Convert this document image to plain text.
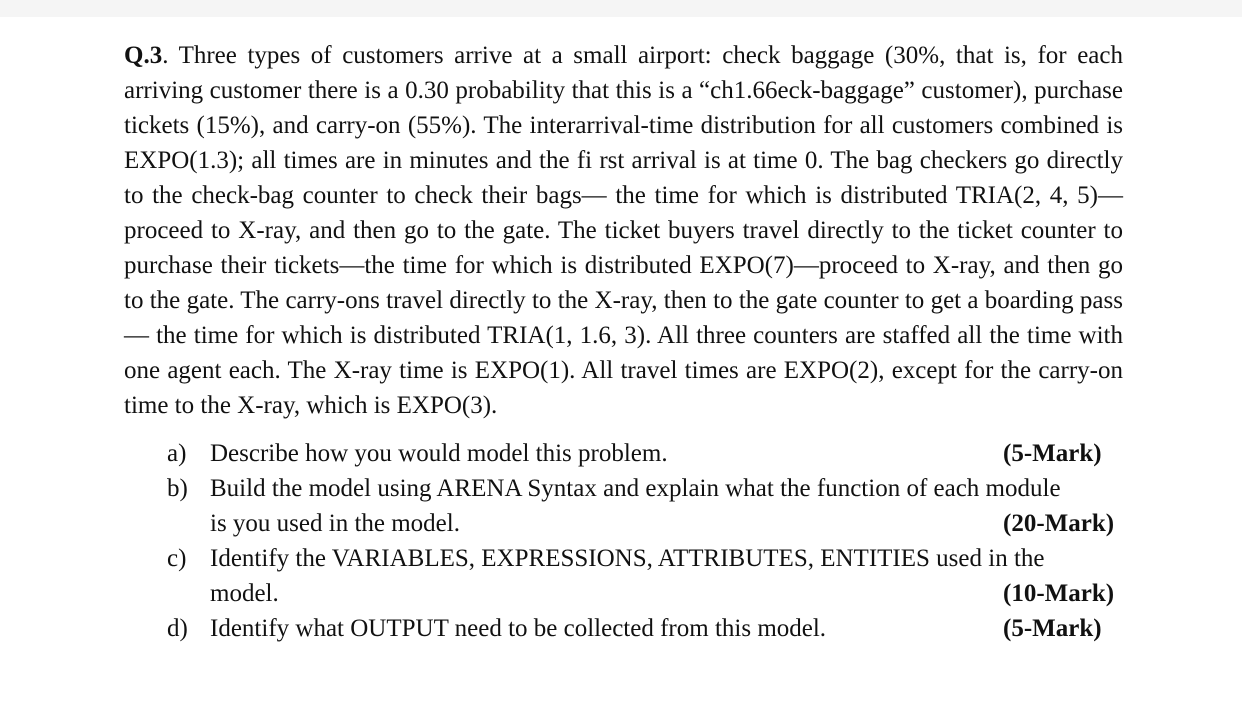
Q.3. Three types of customers arrive at a small airport: check baggage (30%, that is, for each arriving customer there is a 0.30 probability that this is a “ch1.66eck-baggage” customer), purchase tickets (15%), and carry-on (55%). The interarrival-time distribution for all customers combined is EXPO(1.3); all times are in minutes and the fi rst arrival is at time 0. The bag checkers go directly to the check-bag counter to check their bags— the time for which is distributed TRIA(2, 4, 5)—proceed to X-ray, and then go to the gate. The ticket buyers travel directly to the ticket counter to purchase their tickets—the time for which is distributed EXPO(7)—proceed to X-ray, and then go to the gate. The carry-ons travel directly to the X-ray, then to the gate counter to get a boarding pass— the time for which is distributed TRIA(1, 1.6, 3). All three counters are staffed all the time with one agent each. The X-ray time is EXPO(1). All travel times are EXPO(2), except for the carry-on time to the X-ray, which is EXPO(3).

a) Describe how you would model this problem.	(5-Mark)
b) Build the model using ARENA Syntax and explain what the function of each module
is you used in the model.	(20-Mark)
c) Identify the VARIABLES, EXPRESSIONS, ATTRIBUTES, ENTITIES used in the
model.	(10-Mark)
d) Identify what OUTPUT need to be collected from this model.	(5-Mark)
